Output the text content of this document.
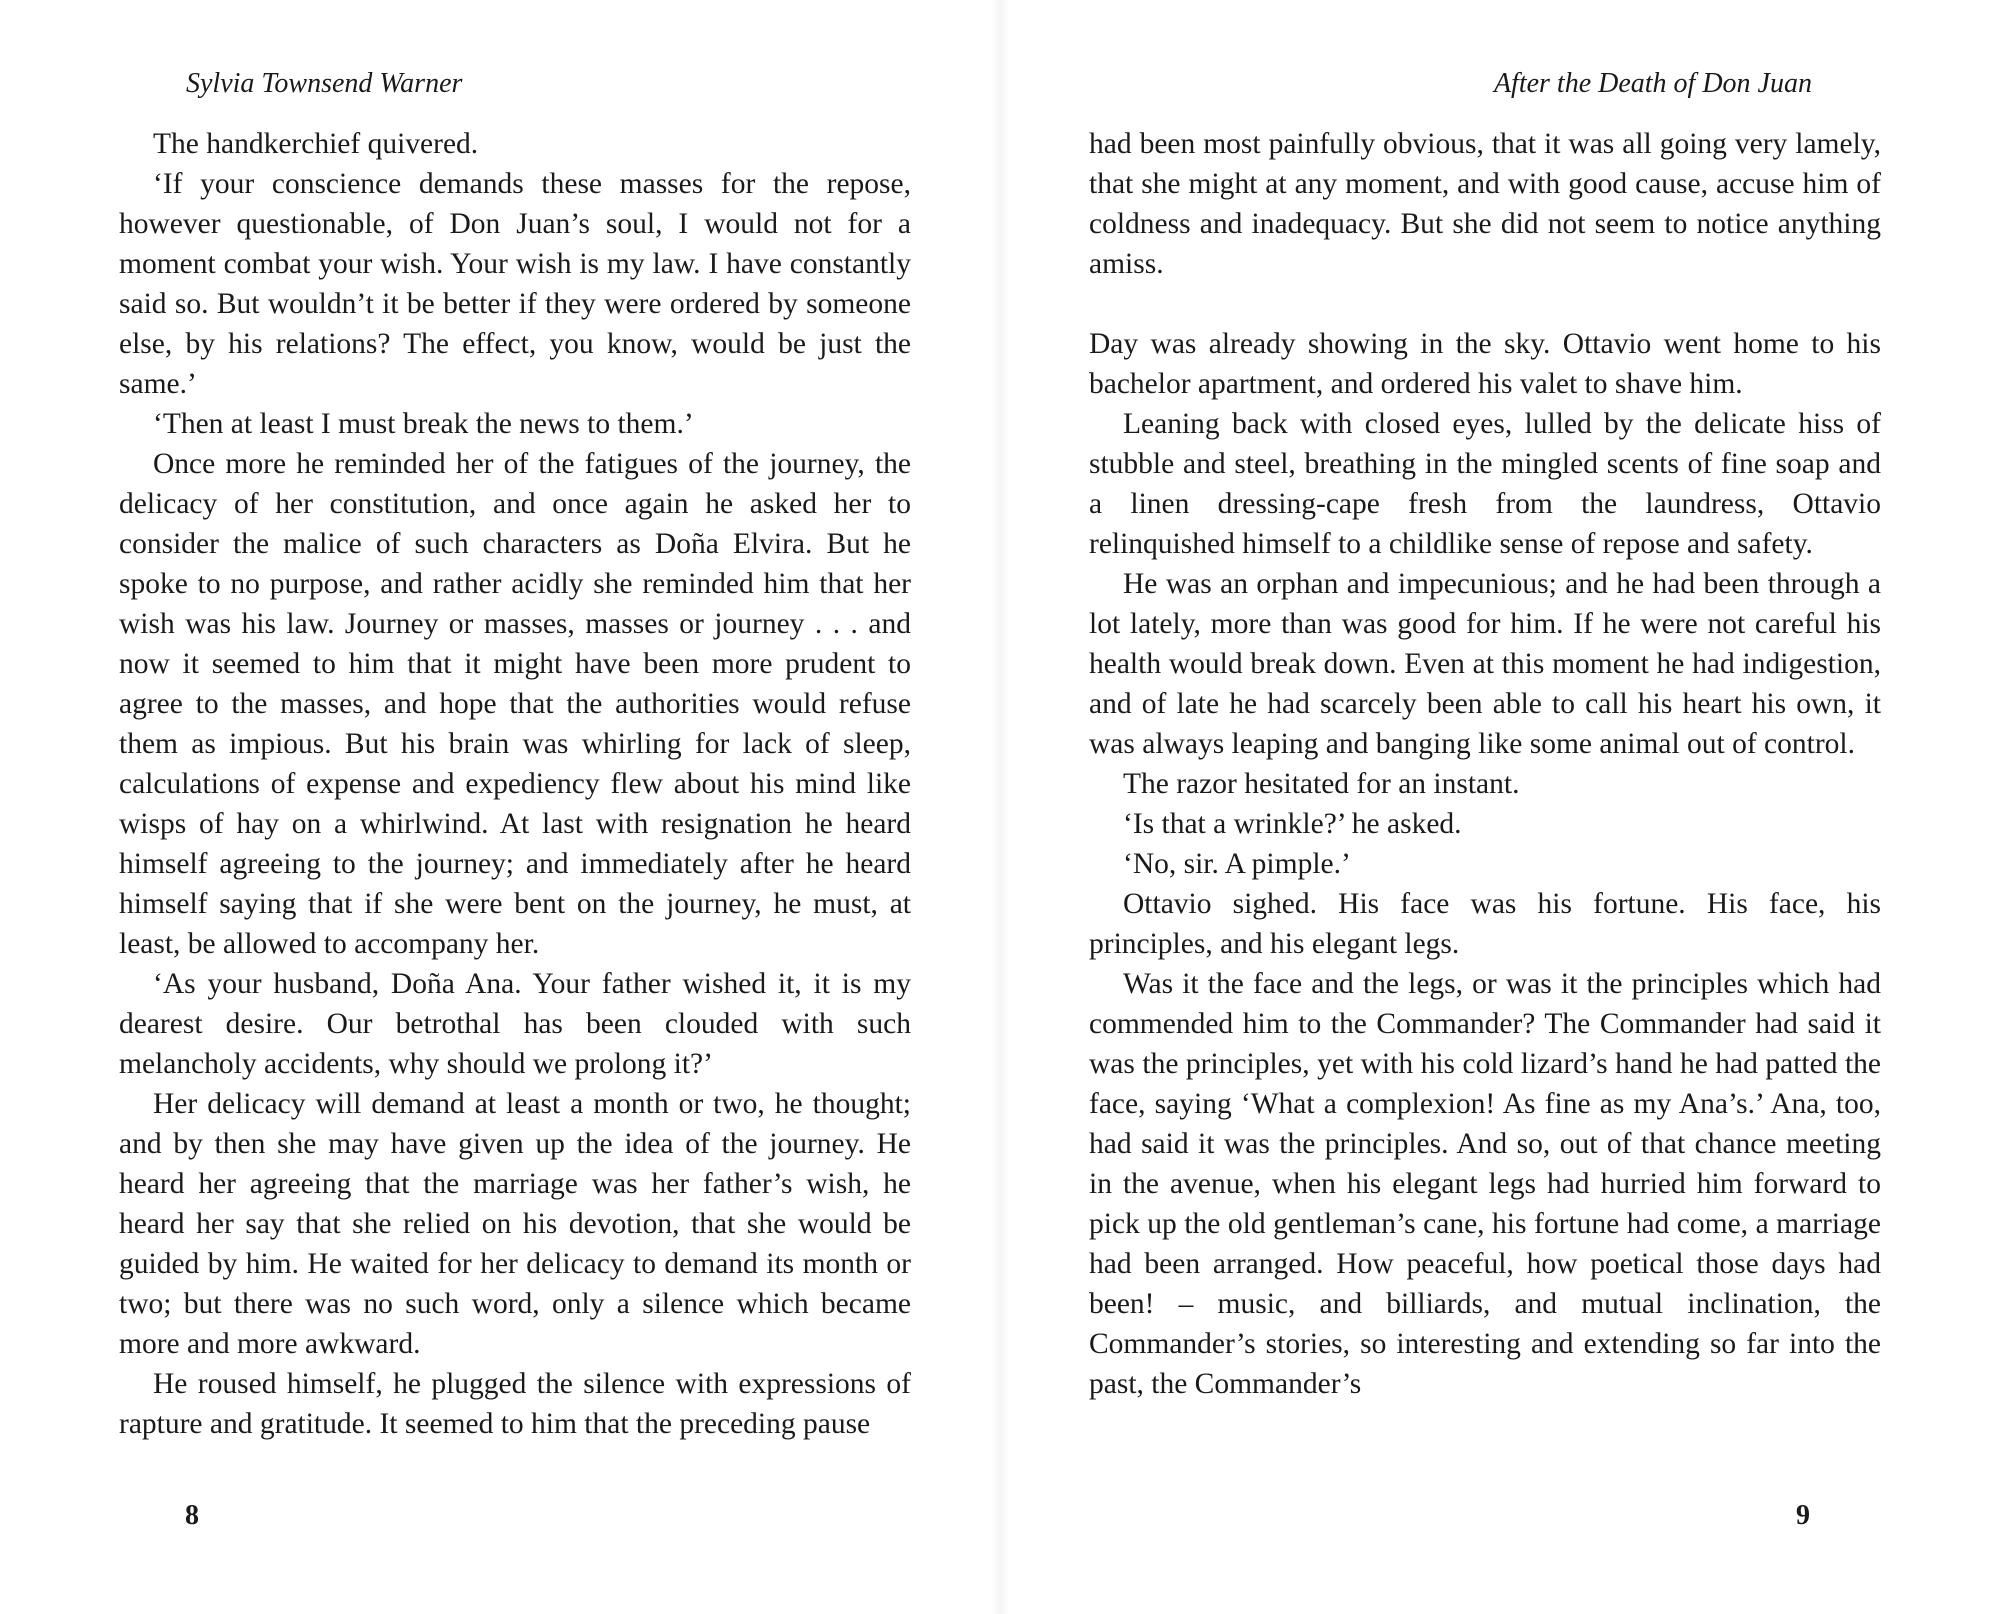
Sylvia Townsend Warner

The handkerchief quivered.

‘If your conscience demands these masses for the repose, however questionable, of Don Juan’s soul, I would not for a moment combat your wish. Your wish is my law. I have constantly said so. But wouldn’t it be better if they were ordered by someone else, by his relations? The effect, you know, would be just the same.’

‘Then at least I must break the news to them.’

Once more he reminded her of the fatigues of the journey, the delicacy of her constitution, and once again he asked her to consider the malice of such characters as Doña Elvira. But he spoke to no purpose, and rather acidly she reminded him that her wish was his law. Journey or masses, masses or journey . . . and now it seemed to him that it might have been more prudent to agree to the masses, and hope that the authorities would refuse them as impious. But his brain was whirling for lack of sleep, calculations of expense and expediency flew about his mind like wisps of hay on a whirlwind. At last with resignation he heard himself agreeing to the journey; and immediately after he heard himself saying that if she were bent on the journey, he must, at least, be allowed to accompany her.

‘As your husband, Doña Ana. Your father wished it, it is my dearest desire. Our betrothal has been clouded with such melancholy accidents, why should we prolong it?’

Her delicacy will demand at least a month or two, he thought; and by then she may have given up the idea of the journey. He heard her agreeing that the marriage was her father’s wish, he heard her say that she relied on his devotion, that she would be guided by him. He waited for her delicacy to demand its month or two; but there was no such word, only a silence which became more and more awkward.

He roused himself, he plugged the silence with expressions of rapture and gratitude. It seemed to him that the preceding pause

8
After the Death of Don Juan

had been most painfully obvious, that it was all going very lamely, that she might at any moment, and with good cause, accuse him of coldness and inadequacy. But she did not seem to notice anything amiss.

Day was already showing in the sky. Ottavio went home to his bachelor apartment, and ordered his valet to shave him.

Leaning back with closed eyes, lulled by the delicate hiss of stubble and steel, breathing in the mingled scents of fine soap and a linen dressing-cape fresh from the laundress, Ottavio relinquished himself to a childlike sense of repose and safety.

He was an orphan and impecunious; and he had been through a lot lately, more than was good for him. If he were not careful his health would break down. Even at this moment he had indigestion, and of late he had scarcely been able to call his heart his own, it was always leaping and banging like some animal out of control.

The razor hesitated for an instant.

‘Is that a wrinkle?’ he asked.

‘No, sir. A pimple.’

Ottavio sighed. His face was his fortune. His face, his principles, and his elegant legs.

Was it the face and the legs, or was it the principles which had commended him to the Commander? The Commander had said it was the principles, yet with his cold lizard’s hand he had patted the face, saying ‘What a complexion! As fine as my Ana’s.’ Ana, too, had said it was the principles. And so, out of that chance meeting in the avenue, when his elegant legs had hurried him forward to pick up the old gentleman’s cane, his fortune had come, a marriage had been arranged. How peaceful, how poetical those days had been! – music, and billiards, and mutual inclination, the Commander’s stories, so interesting and extending so far into the past, the Commander’s

9
